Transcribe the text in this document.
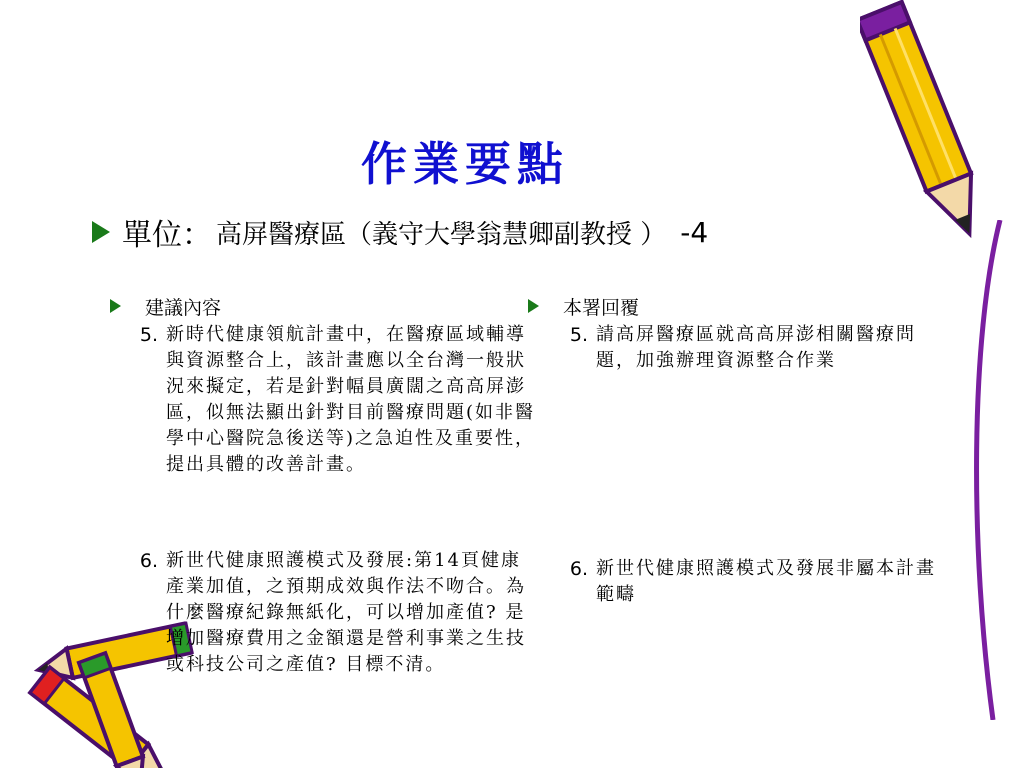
作業要點
單位： 高屏醫療區（義守大學翁慧卿副教授 ） -4
建議內容
5. 新時代健康領航計畫中，在醫療區域輔導與資源整合上，該計畫應以全台灣一般狀況來擬定，若是針對幅員廣闊之高高屏澎區，似無法顯出針對目前醫療問題(如非醫學中心醫院急後送等)之急迫性及重要性，提出具體的改善計畫。
6. 新世代健康照護模式及發展:第14頁健康產業加值，之預期成效與作法不吻合。為什麼醫療紀錄無紙化，可以增加產值? 是增加醫療費用之金額還是營利事業之生技或科技公司之產值? 目標不清。
本署回覆
5. 請高屏醫療區就高高屏澎相關醫療問題，加強辦理資源整合作業
6. 新世代健康照護模式及發展非屬本計畫範疇
